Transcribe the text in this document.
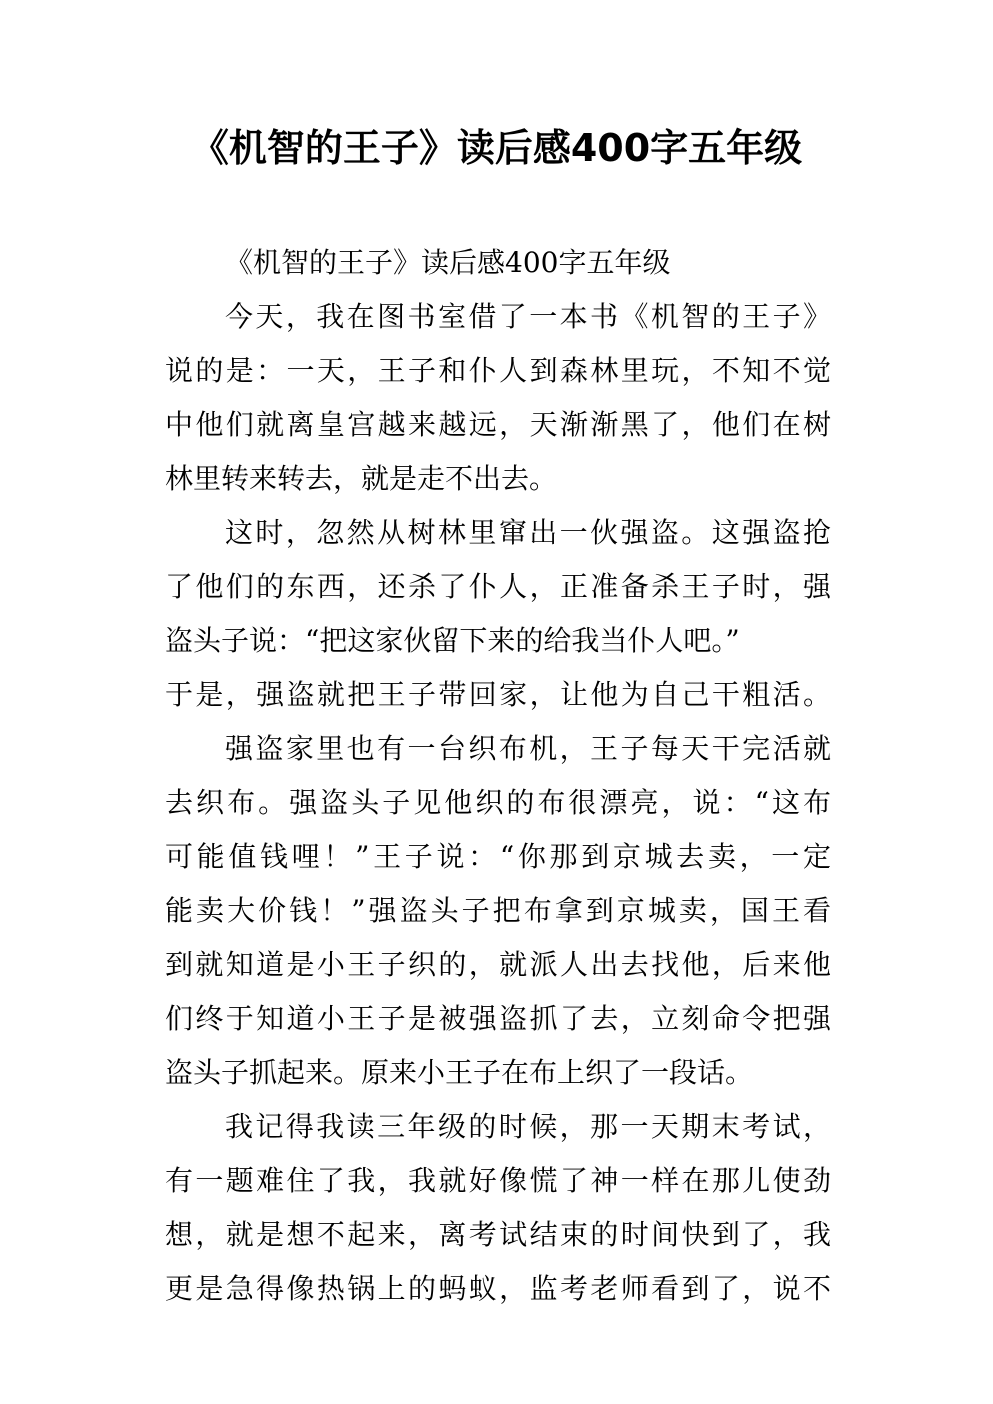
《机智的王子》读后感400字五年级
《机智的王子》读后感400字五年级
今天，我在图书室借了一本书《机智的王子》
说的是：一天，王子和仆人到森林里玩，不知不觉
中他们就离皇宫越来越远，天渐渐黑了，他们在树
林里转来转去，就是走不出去。
这时，忽然从树林里窜出一伙强盗。这强盗抢
了他们的东西，还杀了仆人，正准备杀王子时，强
盗头子说：“把这家伙留下来的给我当仆人吧。”
于是，强盗就把王子带回家，让他为自己干粗活。
强盗家里也有一台织布机，王子每天干完活就
去织布。强盗头子见他织的布很漂亮，说：“这布
可能值钱哩！”王子说：“你那到京城去卖，一定
能卖大价钱！”强盗头子把布拿到京城卖，国王看
到就知道是小王子织的，就派人出去找他，后来他
们终于知道小王子是被强盗抓了去，立刻命令把强
盗头子抓起来。原来小王子在布上织了一段话。
我记得我读三年级的时候，那一天期末考试，
有一题难住了我，我就好像慌了神一样在那儿使劲
想，就是想不起来，离考试结束的时间快到了，我
更是急得像热锅上的蚂蚁，监考老师看到了，说不
